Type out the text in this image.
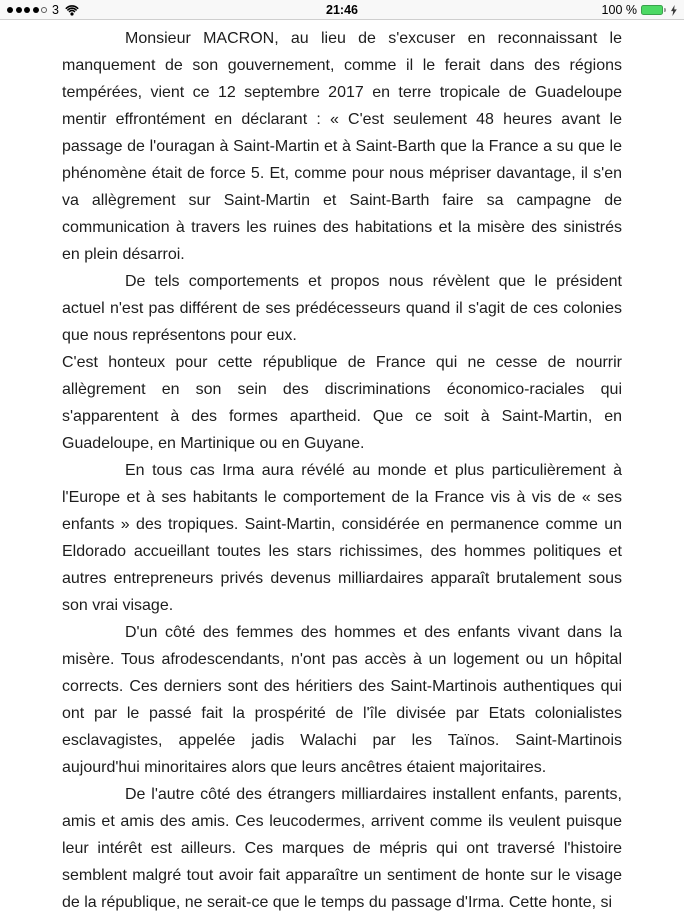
3	21:46	100 %

Monsieur MACRON, au lieu de s'excuser en reconnaissant le manquement de son gouvernement, comme il le ferait dans des régions tempérées, vient ce 12 septembre 2017 en terre tropicale de Guadeloupe mentir effrontément en déclarant : « C'est seulement 48 heures avant le passage de l'ouragan à Saint-Martin et à Saint-Barth que la France a su que le phénomène était de force 5. Et, comme pour nous mépriser davantage, il s'en va allègrement sur Saint-Martin et Saint-Barth faire sa campagne de communication à travers les ruines des habitations et la misère des sinistrés en plein désarroi.

De tels comportements et propos nous révèlent que le président actuel n'est pas différent de ses prédécesseurs quand il s'agit de ces colonies que nous représentons pour eux.

C'est honteux pour cette république de France qui ne cesse de nourrir allègrement en son sein des discriminations économico-raciales qui s'apparentent à des formes apartheid. Que ce soit à Saint-Martin, en Guadeloupe, en Martinique ou en Guyane.

En tous cas Irma aura révélé au monde et plus particulièrement à l'Europe et à ses habitants le comportement de la France vis à vis de « ses enfants » des tropiques. Saint-Martin, considérée en permanence comme un Eldorado accueillant toutes les stars richissimes, des hommes politiques et autres entrepreneurs privés devenus milliardaires apparaît brutalement sous son vrai visage.

D'un côté des femmes des hommes et des enfants vivant dans la misère. Tous afrodescendants, n'ont pas accès à un logement ou un hôpital corrects. Ces derniers sont des héritiers des Saint-Martinois authentiques qui ont par le passé fait la prospérité de l'île divisée par Etats colonialistes esclavagistes, appelée jadis Walachi par les Taïnos. Saint-Martinois aujourd'hui minoritaires alors que leurs ancêtres étaient majoritaires.

De l'autre côté des étrangers milliardaires installent enfants, parents, amis et amis des amis. Ces leucodermes, arrivent comme ils veulent puisque leur intérêt est ailleurs. Ces marques de mépris qui ont traversé l'histoire semblent malgré tout avoir fait apparaître un sentiment de honte sur le visage de la république, ne serait-ce que le temps du passage d'Irma. Cette honte, si
